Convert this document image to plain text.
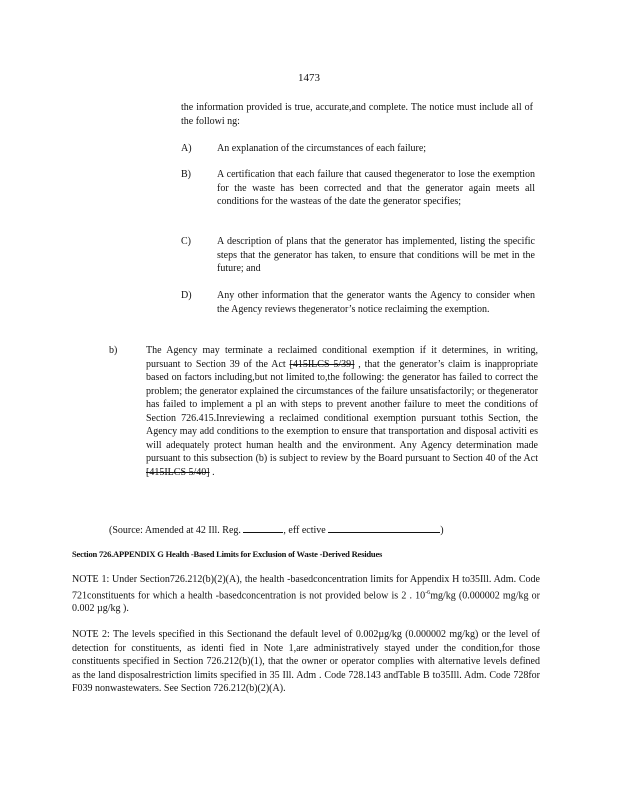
1473
the information provided is true, accurate,and complete. The notice must include all of the followi ng:
A)	An explanation of the circumstances of each failure;
B)	A certification that each failure that caused thegenerator to lose the exemption for the waste has been corrected and that the generator again meets all conditions for the wasteas of the date the generator specifies;
C)	A description of plans that the generator has implemented, listing the specific steps that the generator has taken, to ensure that conditions will be met in the future; and
D)	Any other information that the generator wants the Agency to consider when the Agency reviews thegenerator’s notice reclaiming the exemption.
b)	The Agency may terminate a reclaimed conditional exemption if it determines, in writing, pursuant to Section 39 of the Act [415ILCS 5/39] , that the generator’s claim is inappropriate based on factors including,but not limited to,the following: the generator has failed to correct the problem; the generator explained the circumstances of the failure unsatisfactorily; or thegenerator has failed to implement a pl an with steps to prevent another failure to meet the conditions of Section 726.415.Inreviewing a reclaimed conditional exemption pursuant tothis Section, the Agency may add conditions to the exemption to ensure that transportation and disposal activiti es will adequately protect human health and the environment. Any Agency determination made pursuant to this subsection (b) is subject to review by the Board pursuant to Section 40 of the Act [415ILCS 5/40] .
(Source: Amended at 42 Ill. Reg.	, eff ective	)
Section 726.APPENDIX G Health -Based Limits for Exclusion of Waste -Derived Residues
NOTE 1: Under Section726.212(b)(2)(A), the health -basedconcentration limits for Appendix H to35Ill. Adm. Code 721constituents for which a health -basedconcentration is not provided below is 2 . $10^{-6}mg/kg$ (0.000002 mg/kg or 0.002 µg/kg ).
NOTE 2: The levels specified in this Sectionand the default level of 0.002µg/kg (0.000002 mg/kg) or the level of detection for constituents, as identi fied in Note 1,are administratively stayed under the condition,for those constituents specified in Section 726.212(b)(1), that the owner or operator complies with alternative levels defined as the land disposalrestriction limits specified in 35 Ill. Adm . Code 728.143 andTable B to35Ill. Adm. Code 728for F039 nonwastewaters. See Section 726.212(b)(2)(A).
